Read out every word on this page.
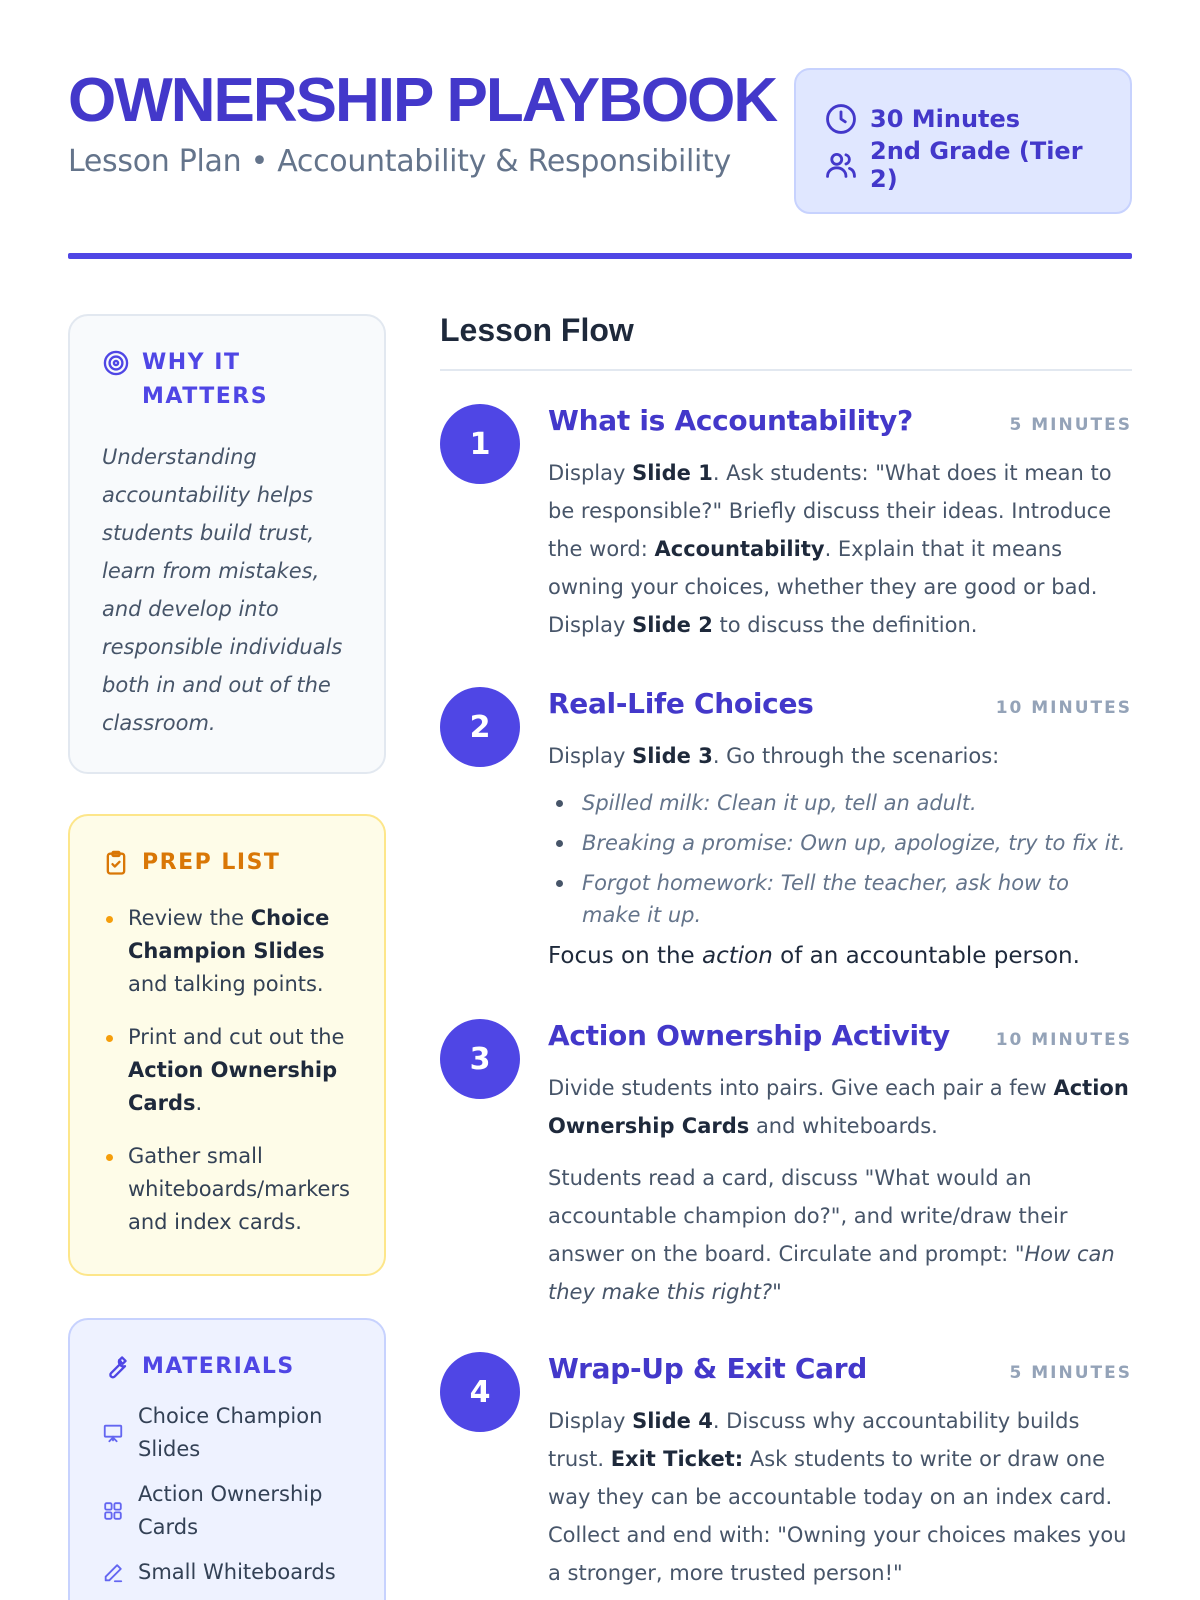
OWNERSHIP PLAYBOOK
Lesson Plan • Accountability & Responsibility
30 Minutes
2nd Grade (Tier 2)
WHY IT MATTERS

Understanding accountability helps students build trust, learn from mistakes, and develop into responsible individuals both in and out of the classroom.

PREP LIST
Review the Choice Champion Slides and talking points.
Print and cut out the Action Ownership Cards.
Gather small whiteboards/markers and index cards.
MATERIALS
Choice Champion Slides
Action Ownership Cards
Small Whiteboards
Lesson Flow
1
What is Accountability?	5 MINUTES

Display Slide 1. Ask students: "What does it mean to be responsible?" Briefly discuss their ideas. Introduce the word: Accountability. Explain that it means owning your choices, whether they are good or bad. Display Slide 2 to discuss the definition.

2
Real-Life Choices	10 MINUTES

Display Slide 3. Go through the scenarios:

Spilled milk: Clean it up, tell an adult.
Breaking a promise: Own up, apologize, try to fix it.
Forgot homework: Tell the teacher, ask how to make it up.

Focus on the action of an accountable person.

3
Action Ownership Activity	10 MINUTES

Divide students into pairs. Give each pair a few Action Ownership Cards and whiteboards.

Students read a card, discuss "What would an accountable champion do?", and write/draw their answer on the board. Circulate and prompt: "How can they make this right?"

4
Wrap-Up & Exit Card	5 MINUTES

Display Slide 4. Discuss why accountability builds trust. Exit Ticket: Ask students to write or draw one way they can be accountable today on an index card. Collect and end with: "Owning your choices makes you a stronger, more trusted person!"
